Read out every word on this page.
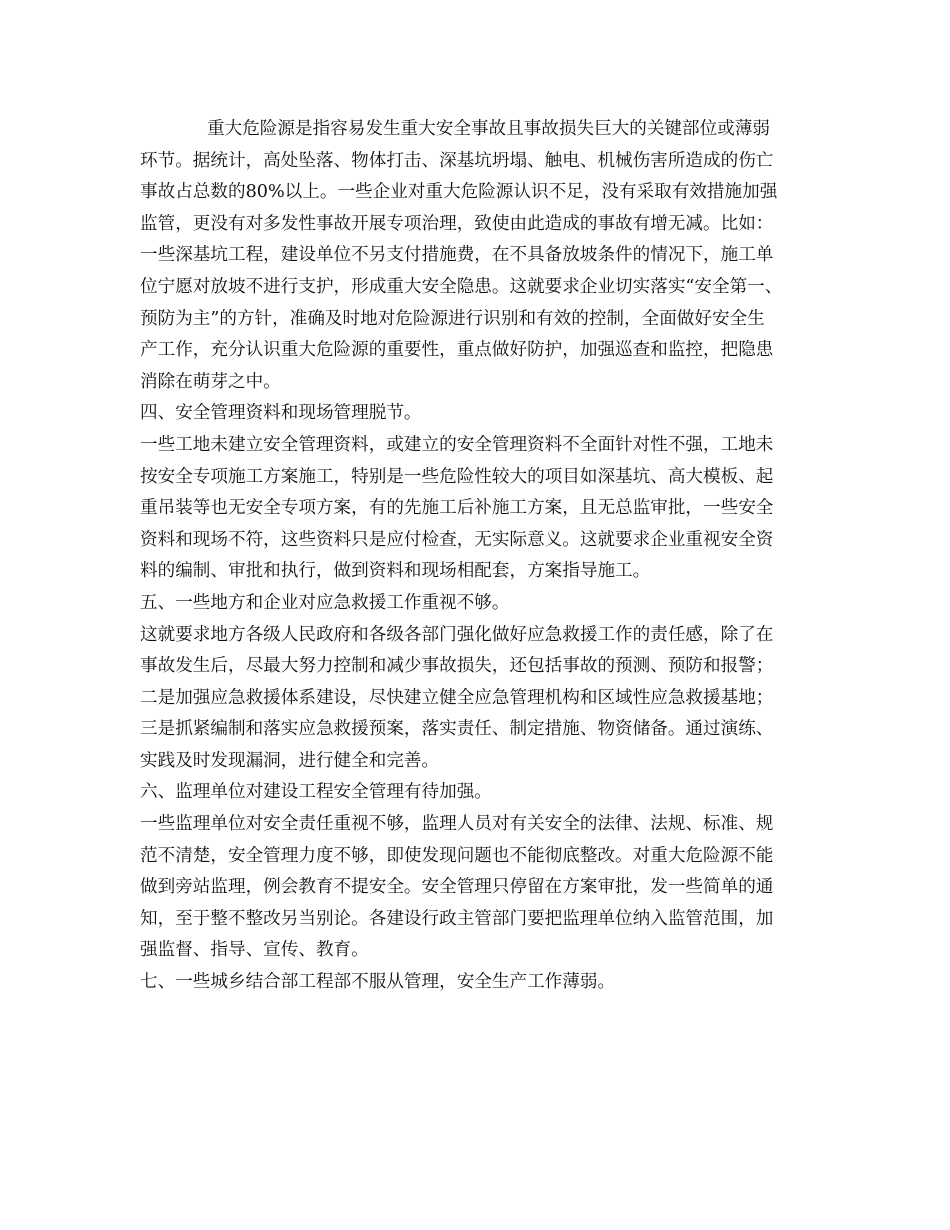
重大危险源是指容易发生重大安全事故且事故损失巨大的关键部位或薄弱
环节。据统计，高处坠落、物体打击、深基坑坍塌、触电、机械伤害所造成的伤亡
事故占总数的80%以上。一些企业对重大危险源认识不足，没有采取有效措施加强
监管，更没有对多发性事故开展专项治理，致使由此造成的事故有增无减。比如：
一些深基坑工程，建设单位不另支付措施费，在不具备放坡条件的情况下，施工单
位宁愿对放坡不进行支护，形成重大安全隐患。这就要求企业切实落实“安全第一、
预防为主”的方针，准确及时地对危险源进行识别和有效的控制，全面做好安全生
产工作，充分认识重大危险源的重要性，重点做好防护，加强巡查和监控，把隐患
消除在萌芽之中。
四、安全管理资料和现场管理脱节。
一些工地未建立安全管理资料，或建立的安全管理资料不全面针对性不强，工地未
按安全专项施工方案施工，特别是一些危险性较大的项目如深基坑、高大模板、起
重吊装等也无安全专项方案，有的先施工后补施工方案，且无总监审批，一些安全
资料和现场不符，这些资料只是应付检查，无实际意义。这就要求企业重视安全资
料的编制、审批和执行，做到资料和现场相配套，方案指导施工。
五、一些地方和企业对应急救援工作重视不够。
这就要求地方各级人民政府和各级各部门强化做好应急救援工作的责任感，除了在
事故发生后，尽最大努力控制和减少事故损失，还包括事故的预测、预防和报警；
二是加强应急救援体系建设，尽快建立健全应急管理机构和区域性应急救援基地；
三是抓紧编制和落实应急救援预案，落实责任、制定措施、物资储备。通过演练、
实践及时发现漏洞，进行健全和完善。
六、监理单位对建设工程安全管理有待加强。
一些监理单位对安全责任重视不够，监理人员对有关安全的法律、法规、标准、规
范不清楚，安全管理力度不够，即使发现问题也不能彻底整改。对重大危险源不能
做到旁站监理，例会教育不提安全。安全管理只停留在方案审批，发一些简单的通
知，至于整不整改另当别论。各建设行政主管部门要把监理单位纳入监管范围，加
强监督、指导、宣传、教育。
七、一些城乡结合部工程部不服从管理，安全生产工作薄弱。
